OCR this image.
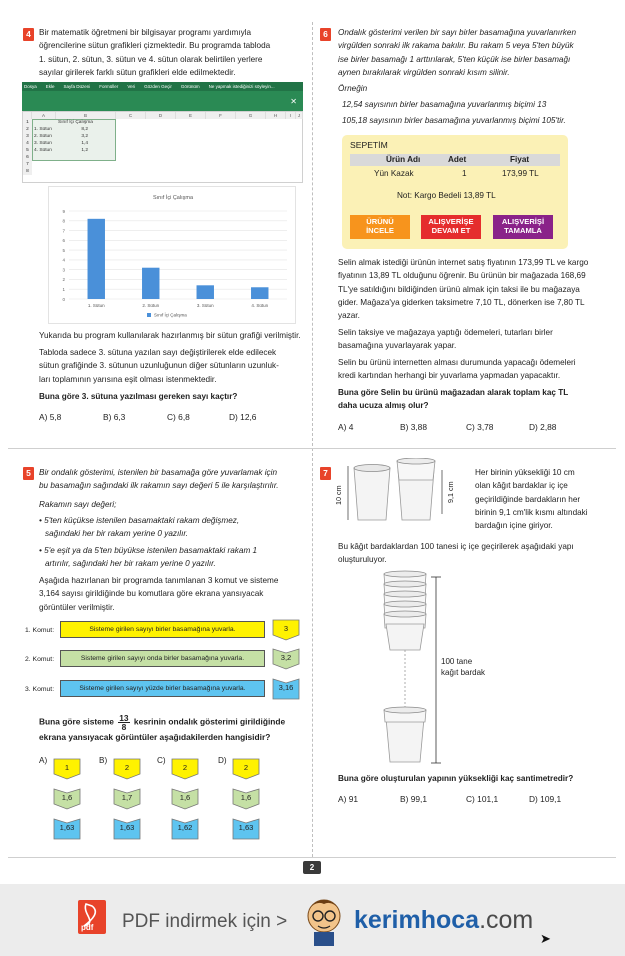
2
4 Bir matematik öğretmeni bir bilgisayar programı yardımıyla
öğrencilerine sütun grafikleri çizmektedir. Bu programda tabloda
1. sütun, 2. sütun, 3. sütun ve 4. sütun olarak belirtilen yerlere
sayılar girilerek farklı sütun grafikleri elde edilmektedir.
Dosya Ekle Sayfa Düzeni Formüller Veri Gözden Geçir Görünüm Ne yapmak istediğinizi söyleyin...
✕
A	B	C	D	E	F	G	H	I	J
1	Sınıf İçi Çalışma
2 1. Sütun	8,2
3 2. Sütun	3,2
4 3. Sütun	1,4
5 4. Sütun	1,2
6
7
8
Sınıf İçi Çalışma
0
1
2
3
4
5
6
7
8
9
1. Sütun	2. Sütun	3. Sütun	4. Sütun
Sınıf İçi Çalışma
Yukarıda bu program kullanılarak hazırlanmış bir sütun grafiği verilmiştir.
Tabloda sadece 3. sütuna yazılan sayı değiştirilerek elde edilecek
sütun grafiğinde 3. sütunun uzunluğunun diğer sütunların uzunluk-
ları toplamının yarısına eşit olması istenmektedir.
Buna göre 3. sütuna yazılması gereken sayı kaçtır?
A) 5,8	B) 6,3	C) 6,8	D) 12,6
6	Ondalık gösterimi verilen bir sayı birler basamağına yuvarlanırken
virgülden sonraki ilk rakama bakılır. Bu rakam 5 veya 5'ten büyük
ise birler basamağı 1 arttırılarak, 5'ten küçük ise birler basamağı
aynen bırakılarak virgülden sonraki kısım silinir.
Örneğin
12,54 sayısının birler basamağına yuvarlanmış biçimi 13
105,18 sayısının birler basamağına yuvarlanmış biçimi 105'tir.
SEPETİM
Ürün Adı	Adet	Fiyat
Yün Kazak	1	173,99 TL
Not: Kargo Bedeli 13,89 TL
ÜRÜNÜ
İNCELE
ALIŞVERİŞE
DEVAM ET
ALIŞVERİŞİ
TAMAMLA
Selin almak istediği ürünün internet satış fiyatının 173,99 TL ve kargo
fiyatının 13,89 TL olduğunu öğrenir. Bu ürünün bir mağazada 168,69
TL'ye satıldığını bildiğinden ürünü almak için taksi ile bu mağazaya
gider. Mağaza'ya giderken taksimetre 7,10 TL, dönerken ise 7,80 TL
yazar.
Selin taksiye ve mağazaya yaptığı ödemeleri, tutarları birler
basamağına yuvarlayarak yapar.
Selin bu ürünü internetten alması durumunda yapacağı ödemeleri
kredi kartından herhangi bir yuvarlama yapmadan yapacaktır.
Buna göre Selin bu ürünü mağazadan alarak toplam kaç TL
daha ucuza almış olur?
A) 4	B) 3,88	C) 3,78	D) 2,88
5 Bir ondalık gösterimi, istenilen bir basamağa göre yuvarlamak için
bu basamağın sağındaki ilk rakamın sayı değeri 5 ile karşılaştırılır.
Rakamın sayı değeri;
• 5'ten küçükse istenilen basamaktaki rakam değişmez,
sağındaki her bir rakam yerine 0 yazılır.
• 5'e eşit ya da 5'ten büyükse istenilen basamaktaki rakam 1
artırılır, sağındaki her bir rakam yerine 0 yazılır.
Aşağıda hazırlanan bir programda tanımlanan 3 komut ve sisteme
3,164 sayısı girildiğinde bu komutlara göre ekrana yansıyacak
görüntüler verilmiştir.
1. Komut:	Sisteme girilen sayıyı birler basamağına yuvarla.	3
2. Komut:	Sisteme girilen sayıyı onda birler basamağına yuvarla.	3,2
3. Komut:	Sisteme girilen sayıyı yüzde birler basamağına yuvarla.	3,16
Buna göre sisteme $\frac{13}{8}$ kesrinin ondalık gösterimi girildiğinde
ekrana yansıyacak görüntüler aşağıdakilerden hangisidir?
A)
1
1,6
1,63
B)
2
1,7
1,63
C)
2
1,6
1,62
D)
2
1,6
1,63
7
10 cm	9,1 cm
Her birinin yüksekliği 10 cm
olan kâğıt bardaklar iç içe
geçirildiğinde bardakların her
birinin 9,1 cm'lik kısmı altındaki
bardağın içine giriyor.
Bu kâğıt bardaklardan 100 tanesi iç içe geçirilerek aşağıdaki yapı
oluşturuluyor.
100 tane
kağıt bardak
Buna göre oluşturulan yapının yüksekliği kaç santimetredir?
A) 91	B) 99,1	C) 101,1	D) 109,1
pdf PDF indirmek için >	kerimhoca.com
➤
